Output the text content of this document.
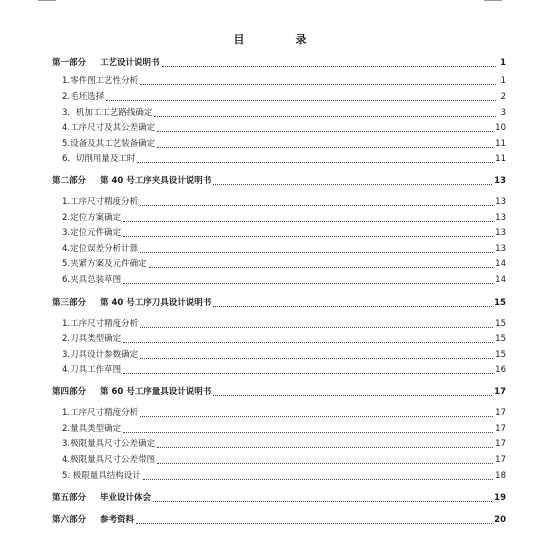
目　录
第一部分 工艺设计说明书	1
1.零件图工艺性分析	1
2.毛坯选择	2
3．机加工工艺路线确定	3
4.工序尺寸及其公差确定	10
5.设备及其工艺装备确定	11
6．切削用量及工时	11
第二部分 第 40 号工序夹具设计说明书	13
1.工序尺寸精度分析	13
2.定位方案确定	13
3.定位元件确定	13
4.定位误差分析计算	13
5.夹紧方案及元件确定	14
6.夹具总装草图	14
第三部分 第 40 号工序刀具设计说明书	15
1.工序尺寸精度分析	15
2.刀具类型确定	15
3.刀具设计参数确定	15
4.刀具工作草图	16
第四部分 第 60 号工序量具设计说明书	17
1.工序尺寸精度分析	17
2.量具类型确定	17
3.极限量具尺寸公差确定	17
4.极限量具尺寸公差带图	17
5. 极限量具结构设计	18
第五部分 毕业设计体会	19
第六部分 参考资料	20
